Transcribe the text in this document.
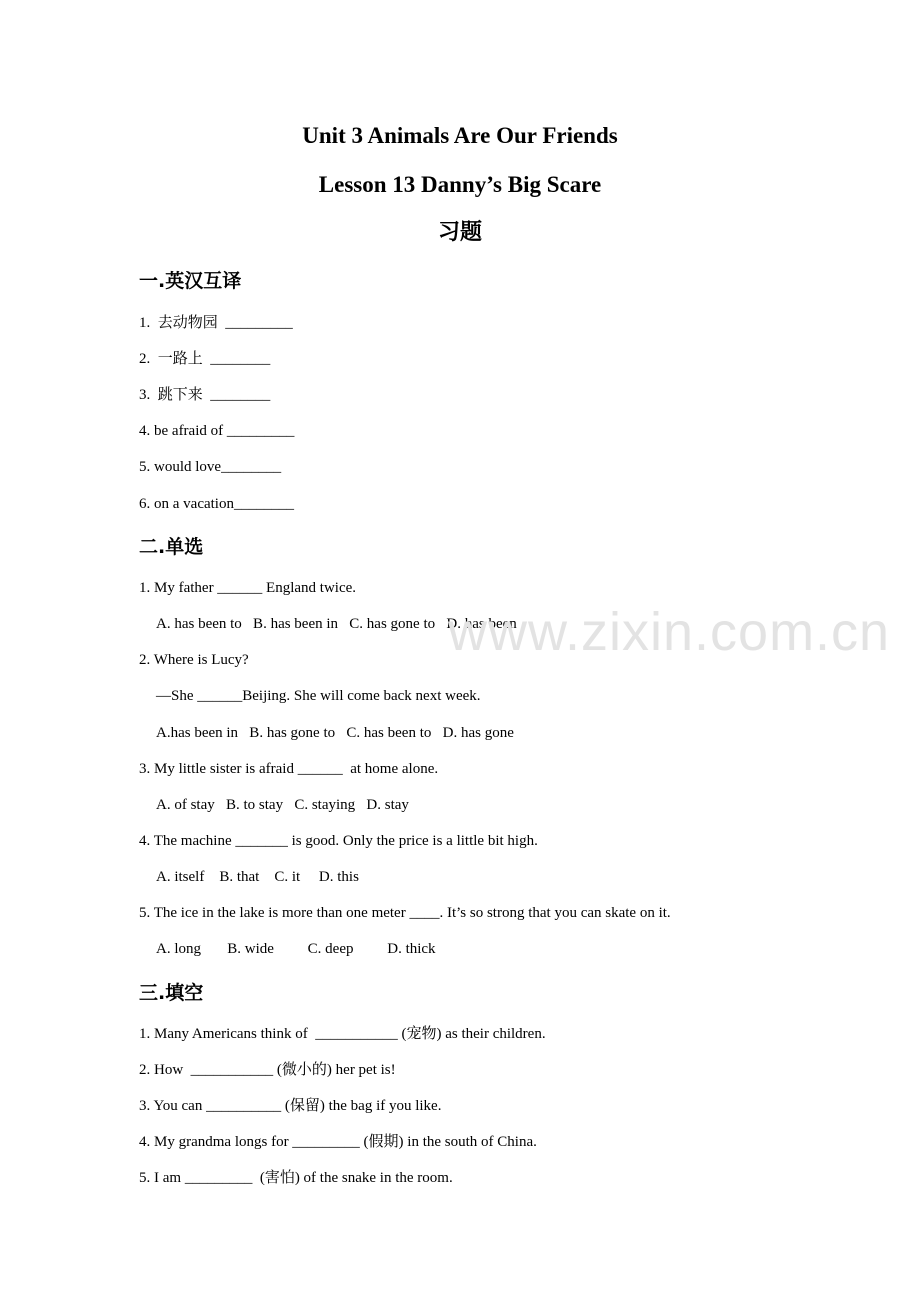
Unit 3 Animals Are Our Friends
Lesson 13 Danny’s Big Scare
习题
一.英汉互译
1.  去动物园  _________
2.  一路上  ________
3.  跳下来  ________
4. be afraid of _________
5. would love________
6. on a vacation________
二.单选
1. My father ______ England twice.
A. has been to   B. has been in   C. has gone to   D. has been
2. Where is Lucy?
—She ______Beijing. She will come back next week.
A.has been in   B. has gone to   C. has been to   D. has gone
3. My little sister is afraid ______  at home alone.
A. of stay   B. to stay   C. staying   D. stay
4. The machine _______ is good. Only the price is a little bit high.
A. itself    B. that    C. it     D. this
5. The ice in the lake is more than one meter ____. It’s so strong that you can skate on it.
A. long       B. wide         C. deep         D. thick
三.填空
1. Many Americans think of  ___________ (宠物) as their children.
2. How  ___________ (微小的) her pet is!
3. You can __________ (保留) the bag if you like.
4. My grandma longs for _________ (假期) in the south of China.
5. I am _________  (害怕) of the snake in the room.
www.zixin.com.cn
